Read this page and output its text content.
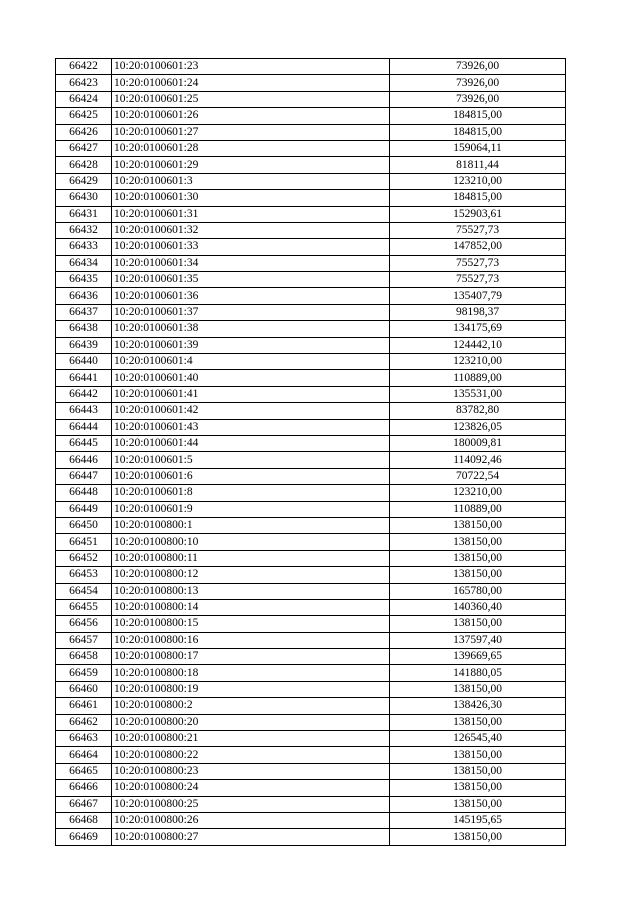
66422	10:20:0100601:23	73926,00
66423	10:20:0100601:24	73926,00
66424	10:20:0100601:25	73926,00
66425	10:20:0100601:26	184815,00
66426	10:20:0100601:27	184815,00
66427	10:20:0100601:28	159064,11
66428	10:20:0100601:29	81811,44
66429	10:20:0100601:3	123210,00
66430	10:20:0100601:30	184815,00
66431	10:20:0100601:31	152903,61
66432	10:20:0100601:32	75527,73
66433	10:20:0100601:33	147852,00
66434	10:20:0100601:34	75527,73
66435	10:20:0100601:35	75527,73
66436	10:20:0100601:36	135407,79
66437	10:20:0100601:37	98198,37
66438	10:20:0100601:38	134175,69
66439	10:20:0100601:39	124442,10
66440	10:20:0100601:4	123210,00
66441	10:20:0100601:40	110889,00
66442	10:20:0100601:41	135531,00
66443	10:20:0100601:42	83782,80
66444	10:20:0100601:43	123826,05
66445	10:20:0100601:44	180009,81
66446	10:20:0100601:5	114092,46
66447	10:20:0100601:6	70722,54
66448	10:20:0100601:8	123210,00
66449	10:20:0100601:9	110889,00
66450	10:20:0100800:1	138150,00
66451	10:20:0100800:10	138150,00
66452	10:20:0100800:11	138150,00
66453	10:20:0100800:12	138150,00
66454	10:20:0100800:13	165780,00
66455	10:20:0100800:14	140360,40
66456	10:20:0100800:15	138150,00
66457	10:20:0100800:16	137597,40
66458	10:20:0100800:17	139669,65
66459	10:20:0100800:18	141880,05
66460	10:20:0100800:19	138150,00
66461	10:20:0100800:2	138426,30
66462	10:20:0100800:20	138150,00
66463	10:20:0100800:21	126545,40
66464	10:20:0100800:22	138150,00
66465	10:20:0100800:23	138150,00
66466	10:20:0100800:24	138150,00
66467	10:20:0100800:25	138150,00
66468	10:20:0100800:26	145195,65
66469	10:20:0100800:27	138150,00
